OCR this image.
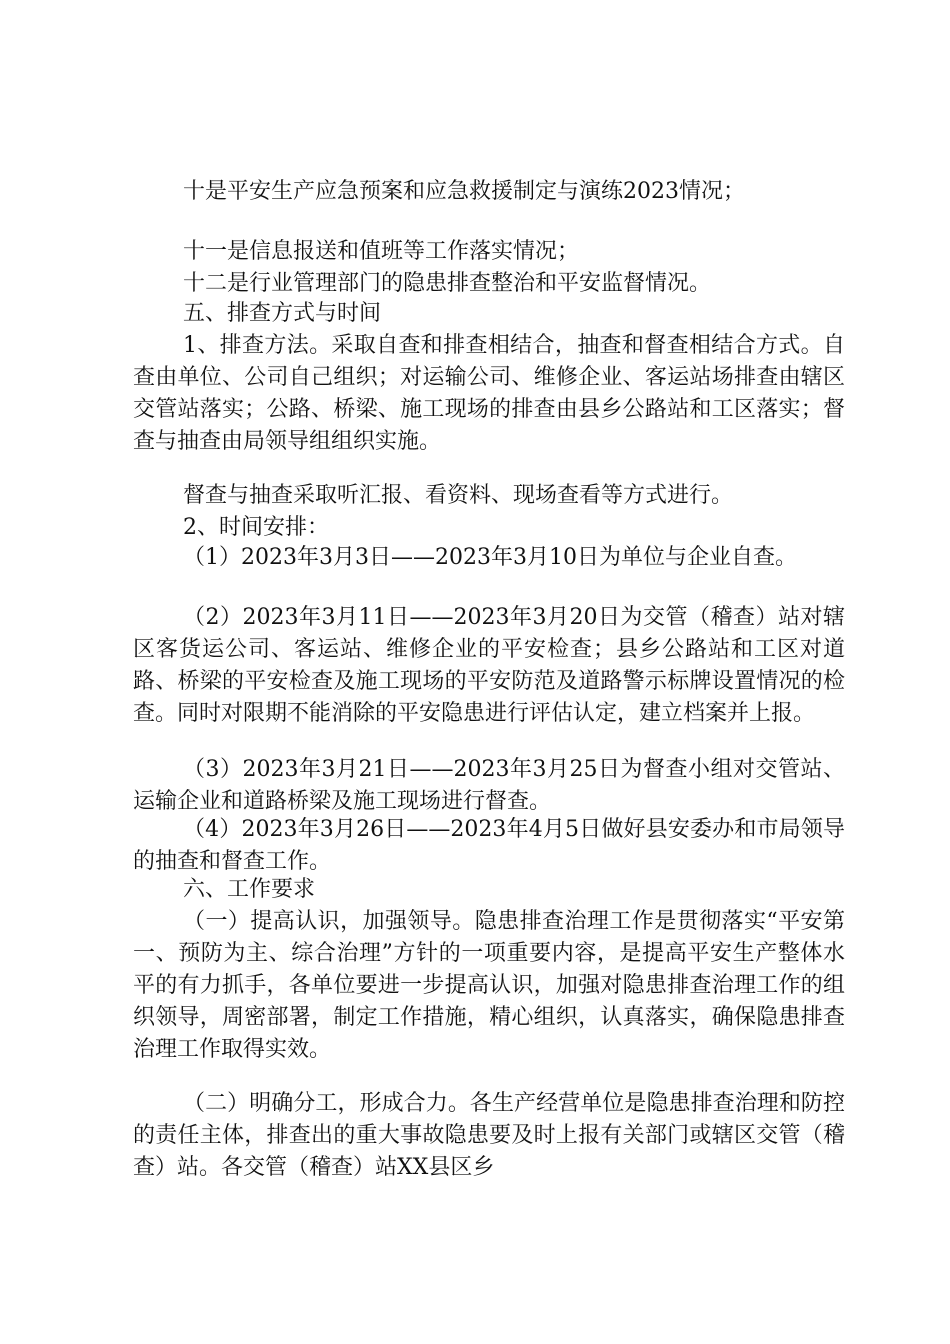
十是平安生产应急预案和应急救援制定与演练2023情况；

十一是信息报送和值班等工作落实情况；

十二是行业管理部门的隐患排查整治和平安监督情况。

五、排查方式与时间

1、排查方法。采取自查和排查相结合，抽查和督查相结合方式。自查由单位、公司自己组织；对运输公司、维修企业、客运站场排查由辖区交管站落实；公路、桥梁、施工现场的排查由县乡公路站和工区落实；督查与抽查由局领导组组织实施。

督查与抽查采取听汇报、看资料、现场查看等方式进行。

2、时间安排：

（1）2023年3月3日——2023年3月10日为单位与企业自查。

（2）2023年3月11日——2023年3月20日为交管（稽查）站对辖区客货运公司、客运站、维修企业的平安检查；县乡公路站和工区对道路、桥梁的平安检查及施工现场的平安防范及道路警示标牌设置情况的检查。同时对限期不能消除的平安隐患进行评估认定，建立档案并上报。

（3）2023年3月21日——2023年3月25日为督查小组对交管站、运输企业和道路桥梁及施工现场进行督查。

（4）2023年3月26日——2023年4月5日做好县安委办和市局领导的抽查和督查工作。

六、工作要求

（一）提高认识，加强领导。隐患排查治理工作是贯彻落实“平安第一、预防为主、综合治理”方针的一项重要内容，是提高平安生产整体水平的有力抓手，各单位要进一步提高认识，加强对隐患排查治理工作的组织领导，周密部署，制定工作措施，精心组织，认真落实，确保隐患排查治理工作取得实效。

（二）明确分工，形成合力。各生产经营单位是隐患排查治理和防控的责任主体，排查出的重大事故隐患要及时上报有关部门或辖区交管（稽查）站。各交管（稽查）站XX县区乡
